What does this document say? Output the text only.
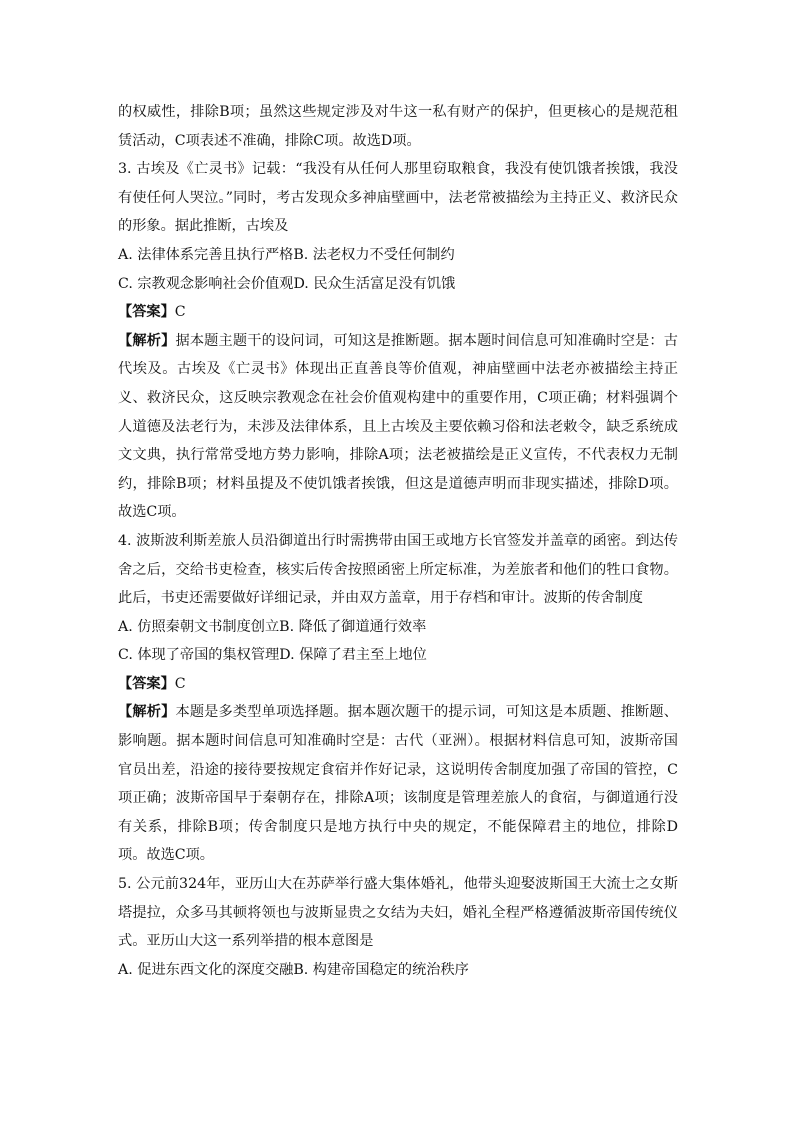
的权威性，排除B项；虽然这些规定涉及对牛这一私有财产的保护，但更核心的是规范租赁活动，C项表述不准确，排除C项。故选D项。

3. 古埃及《亡灵书》记载：“我没有从任何人那里窃取粮食，我没有使饥饿者挨饿，我没有使任何人哭泣。”同时，考古发现众多神庙壁画中，法老常被描绘为主持正义、救济民众的形象。据此推断，古埃及

A. 法律体系完善且执行严格B. 法老权力不受任何制约

C. 宗教观念影响社会价值观D. 民众生活富足没有饥饿

【答案】C

【解析】据本题主题干的设问词，可知这是推断题。据本题时间信息可知准确时空是：古代埃及。古埃及《亡灵书》体现出正直善良等价值观，神庙壁画中法老亦被描绘主持正义、救济民众，这反映宗教观念在社会价值观构建中的重要作用，C项正确；材料强调个人道德及法老行为，未涉及法律体系，且上古埃及主要依赖习俗和法老敕令，缺乏系统成文文典，执行常常受地方势力影响，排除A项；法老被描绘是正义宣传，不代表权力无制约，排除B项；材料虽提及不使饥饿者挨饿，但这是道德声明而非现实描述，排除D项。故选C项。

4. 波斯波利斯差旅人员沿御道出行时需携带由国王或地方长官签发并盖章的函密。到达传舍之后，交给书吏检查，核实后传舍按照函密上所定标准，为差旅者和他们的牲口食物。此后，书吏还需要做好详细记录，并由双方盖章，用于存档和审计。波斯的传舍制度

A. 仿照秦朝文书制度创立B. 降低了御道通行效率

C. 体现了帝国的集权管理D. 保障了君主至上地位

【答案】C

【解析】本题是多类型单项选择题。据本题次题干的提示词，可知这是本质题、推断题、影响题。据本题时间信息可知准确时空是：古代（亚洲）。根据材料信息可知，波斯帝国官员出差，沿途的接待要按规定食宿并作好记录，这说明传舍制度加强了帝国的管控，C项正确；波斯帝国早于秦朝存在，排除A项；该制度是管理差旅人的食宿，与御道通行没有关系，排除B项；传舍制度只是地方执行中央的规定，不能保障君主的地位，排除D项。故选C项。

5. 公元前324年，亚历山大在苏萨举行盛大集体婚礼，他带头迎娶波斯国王大流士之女斯塔提拉，众多马其顿将领也与波斯显贵之女结为夫妇，婚礼全程严格遵循波斯帝国传统仪式。亚历山大这一系列举措的根本意图是

A. 促进东西文化的深度交融B. 构建帝国稳定的统治秩序
